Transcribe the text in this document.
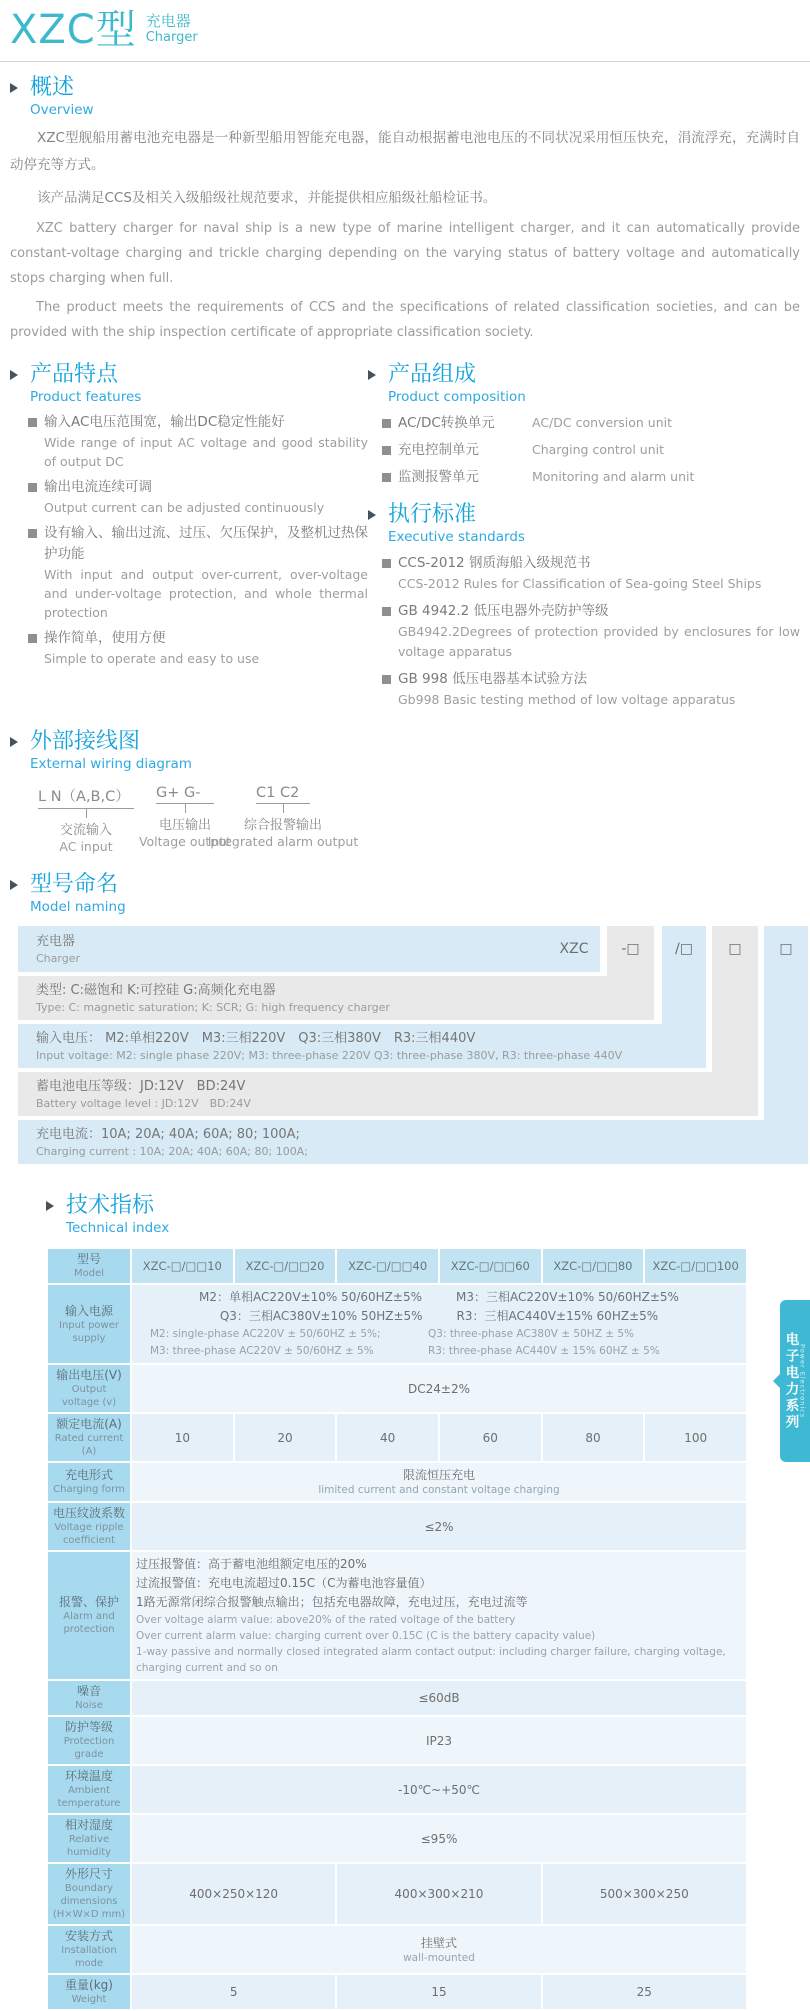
XZC型 充电器
Charger
概述
Overview

XZC型舰船用蓄电池充电器是一种新型船用智能充电器，能自动根据蓄电池电压的不同状况采用恒压快充，涓流浮充，充满时自动停充等方式。

该产品满足CCS及相关入级船级社规范要求，并能提供相应船级社船检证书。

XZC battery charger for naval ship is a new type of marine intelligent charger, and it can automatically provide constant-voltage charging and trickle charging depending on the varying status of battery voltage and automatically stops charging when full.

The product meets the requirements of CCS and the specifications of related classification societies, and can be provided with the ship inspection certificate of appropriate classification society.

产品特点
Product features
输入AC电压范围宽，输出DC稳定性能好
Wide range of input AC voltage and good stability of output DC
输出电流连续可调
Output current can be adjusted continuously
设有输入、输出过流、过压、欠压保护，及整机过热保护功能
With input and output over-current, over-voltage and under-voltage protection, and whole thermal protection
操作简单，使用方便
Simple to operate and easy to use
产品组成
Product composition
AC/DC转换单元	AC/DC conversion unit
充电控制单元	Charging control unit
监测报警单元	Monitoring and alarm unit
执行标准
Executive standards
CCS-2012 钢质海船入级规范书
CCS-2012 Rules for Classification of Sea-going Steel Ships
GB 4942.2 低压电器外壳防护等级
GB4942.2Degrees of protection provided by enclosures for low voltage apparatus
GB 998 低压电器基本试验方法
Gb998 Basic testing method of low voltage apparatus
外部接线图
External wiring diagram
L N（A,B,C）
交流输入
AC input
G+ G-
电压输出
Voltage output
C1 C2
综合报警输出
Integrated alarm output
型号命名
Model naming
XZC	-□	/□	□	□
充电器
Charger
类型: C:磁饱和 K:可控硅 G:高频化充电器
Type: C: magnetic saturation; K: SCR; G: high frequency charger
输入电压： M2:单相220V　M3:三相220V　Q3:三相380V　R3:三相440V
Input voltage: M2: single phase 220V; M3: three-phase 220V Q3: three-phase 380V, R3: three-phase 440V
蓄电池电压等级：JD:12V　BD:24V
Battery voltage level : JD:12V　BD:24V
充电电流：10A; 20A; 40A; 60A; 80; 100A;
Charging current : 10A; 20A; 40A; 60A; 80; 100A;
技术指标
Technical index
型号
Model	XZC-□/□□10	XZC-□/□□20	XZC-□/□□40	XZC-□/□□60	XZC-□/□□80	XZC-□/□□100

输入电源
Input power supply

M2：单相AC220V±10% 50/60HZ±5%	M3：三相AC220V±10% 50/60HZ±5%
Q3：三相AC380V±10% 50HZ±5%	R3：三相AC440V±15% 60HZ±5%
M2: single-phase AC220V ± 50/60HZ ± 5%;	Q3: three-phase AC380V ± 50HZ ± 5%
M3: three-phase AC220V ± 50/60HZ ± 5%	R3: three-phase AC440V ± 15% 60HZ ± 5%

输出电压(V)
Output voltage (v)	DC24±2%					

额定电流(A)
Rated current (A)	10	20	40	60	80	100

充电形式
Charging form

限流恒压充电
limited current and constant voltage charging

电压纹波系数
Voltage ripple coefficient	≤2%					

报警、保护
Alarm and protection

过压报警值：高于蓄电池组额定电压的20%
过流报警值：充电电流超过0.15C（C为蓄电池容量值）
1路无源常闭综合报警触点输出；包括充电器故障，充电过压，充电过流等
Over voltage alarm value: above20% of the rated voltage of the battery
Over current alarm value: charging current over 0.15C (C is the battery capacity value)
1-way passive and normally closed integrated alarm contact output: including charger failure, charging voltage, charging current and so on

噪音
Noise	≤60dB					

防护等级
Protection grade	IP23					

环境温度
Ambient temperature	-10℃~+50℃					

相对湿度
Relative humidity	≤95%					

外形尺寸
Boundary dimensions
(H×W×D mm)	400×250×120		400×300×210		500×300×250	

安装方式
Installation mode

挂壁式
wall-mounted

重量(kg)
Weight	5		15		25	
电子电力系列 Power Electronics
